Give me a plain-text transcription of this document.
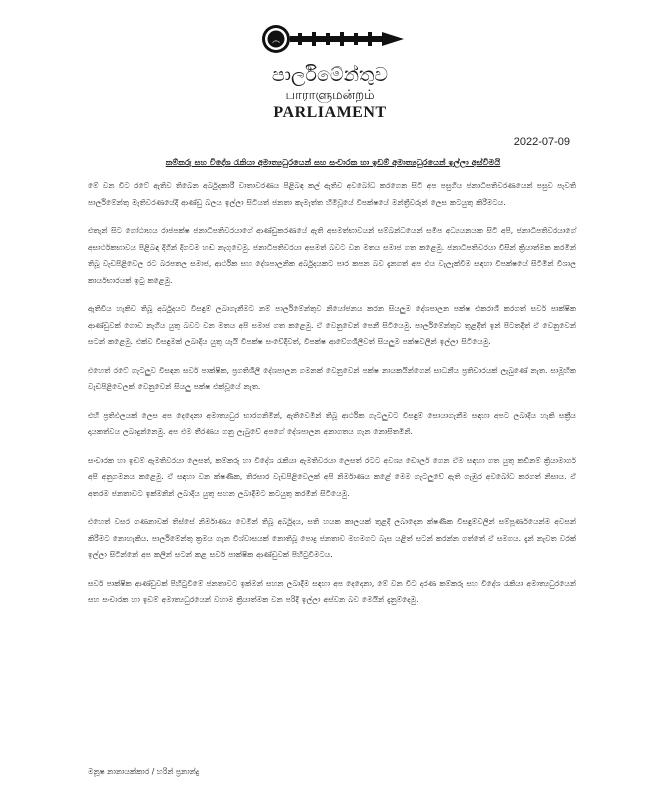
෴
පාර්ලිමේන්තුව
பாராளுமன்றம்
PARLIAMENT
2022-07-09
කම්කරු සහ විදේශ රැකියා අමාත්‍යධුරයෙන් සහ සංචාරක හා ඉඩම් අමාත්‍යධුරයෙන් ඉල්ලා අස්වීමයි

මේ වන විට රටේ ඇතිව තිබෙන අර්බුදකාරී වාතාවරණය පිළිබඳ කල් ඇතිව අවබෝධ කරගෙන සිටි අප පසුගිය ජනාධිපතිවරණයෙන් පසුව පැවති පාර්ලිමේන්තු මැතිවරණයේදී ආණ්ඩු බලය ඉල්ලා සිටියත් ජනතා කැමැත්ත හිමිවූයේ විපක්ෂයේ මන්ත්‍රීවරුන් ලෙස කටයුතු කිරීමටය.

එතැන් සිට ගෝඨාභය රාජපක්ෂ ජනාධිපතිවරයාගේ ආණ්ඩුකරණයේ ඇති අසමත්භාවයන් සම්බන්ධයෙන් සමීප අධ්‍යයනයක සිටි අපි, ජනාධිපතිවරයාගේ අසාර්ථකභාවය පිළිබඳ දිගින් දිගටම හඬ නැගුවෙමු. ජනාධිපතිවරයා අසමත් බවට වන මතය සමාජ ගත කළෙමු. ජනාධිපතිවරයා විසින් ක්‍රියාත්මක කරමින් තිබූ වැඩපිළිවෙල රට බරපතල සමාජ, ආර්ථික සහ දේශපාලනික අර්බුදයකට පාර කපන බව දැනගත් අප එය වැලැක්වීම සඳහා විපක්ෂයේ සිටිමින් විශාල කාර්යභාරයක් ඉටු කළෙමු.

ඇතිවිය හැකිව තිබූ අර්බුදයට විසඳුම් ලබාගැනීමට නම් පාර්ලිමේන්තුව නියෝජනය කරන සියලුම දේශපාලන පක්ෂ එකරාශී කරගත් සර්ව පාක්ෂික ආණ්ඩුවක් ගොඩ නැගිය යුතු බවට වන මතය අපි සමාජ ගත කළෙමු. ඒ වෙනුවෙන් පෙනී සිටියෙමු. පාර්ලිමේන්තුව තුළදීත් ඉන් පිටතදීත් ඒ වෙනුවෙන් සටන් කළෙමු. එක්ව විසඳුමක් ලබාදිය යුතු යැයි විපක්ෂ සංවේදීවත්, විපක්ෂ ආවේගශීලීවත් සියලුම පක්ෂවලින් ඉල්ලා සිටියෙමු.

එහෙත් රටේ ගැටලුව විසඳන සර්ව පාක්ෂික, ප්‍රගතිශීලී දේශපාලන ගමනක් වෙනුවෙන් පක්ෂ නායකයින්ගෙන් සාධනීය ප්‍රතිචාරයක් ලැබුණේ නැත. සාමූහික වැඩපිළිවෙලක් වෙනුවෙන් සියලු පක්ෂ එක්වූයේ නැත.

එහි ප්‍රතිඵලයක් ලෙස අප දෙදෙනා අමාත්‍යධුර භාරගනිමින්, ඇතිවෙමින් තිබූ ආර්ථික ගැටලුවට විසඳුම් සොයාගැනීම සඳහා අපට ලබාදිය හැකි සක්‍රීය දායකත්වය ලබාදුන්නෙමු. අප එම තීරණය ගනු ලැබුවේ අපගේ දේශපාලන අනාගතය ගැන නොසිතමිනි.

සංචාරක හා ඉඩම් ඇමතිවරයා ලෙසත්, කම්කරු හා විදේශ රැකියා ඇමතිවරයා ලෙසත් රටට අවශ්‍ය ඩොලර් ගෙන ඒම සඳහා ගත යුතු කඩිනම් ක්‍රියාමාර්ග අපි අනුගමනය කළෙමු. ඒ සඳහා වන ක්ෂණික, තිරසාර වැඩපිළිවෙලක් අපි නිර්මාණය කළේ මෙම ගැටලුවේ ඇති ගැඹුර අවබෝධ කරගත් නිසාය. ඒ අතරම ජනතාවට ඉක්මනින් ලබාදිය යුතු සහන ලබාදීමට කටයුතු කරමින් සිටියෙමු.

එහෙත් වසර ගණනාවක් තිස්සේ නිර්මාණය වෙමින් තිබූ අර්බුදය, සති හයක කාලයක් තුළදී ලබාදෙන ක්ෂණික විසඳුම්වලින් සම්පූර්ණයෙන්ම අවසන් කිරීමට නොහැකිය. පාර්ලිමේන්තු ක්‍රමය ගැන විශ්වාසයක් නොතිබූ පොදු ජනතාව මහමගට බැස යළිත් සටන් කරන්න ගත්තේ ඒ සමගය. දැන් නැවත වරක් ඉල්ලා සිටින්නේ අප කලින් සටන් කළ සර්ව පාක්ෂික ආණ්ඩුවක් පිහිටුවීමටය.

සර්ව පාක්ෂික ආණ්ඩුවක් පිහිටුවීමේ ජනතාවට ඉක්මන් සහන ලබාදීම සඳහා අප දෙදෙනා, මේ වන විට දරණ කම්කරු සහ විදේශ රැකියා අමාත්‍යධුරයෙන් සහ සංචාරක හා ඉඩම් අමාත්‍යධුරයෙන් වහාම ක්‍රියාත්මක වන පරිදි ඉල්ලා අස්වන බව මෙයින් දැනුම්දෙමු.

මනූෂ නානායක්කාර / හරින් ප්‍රනාන්දු
